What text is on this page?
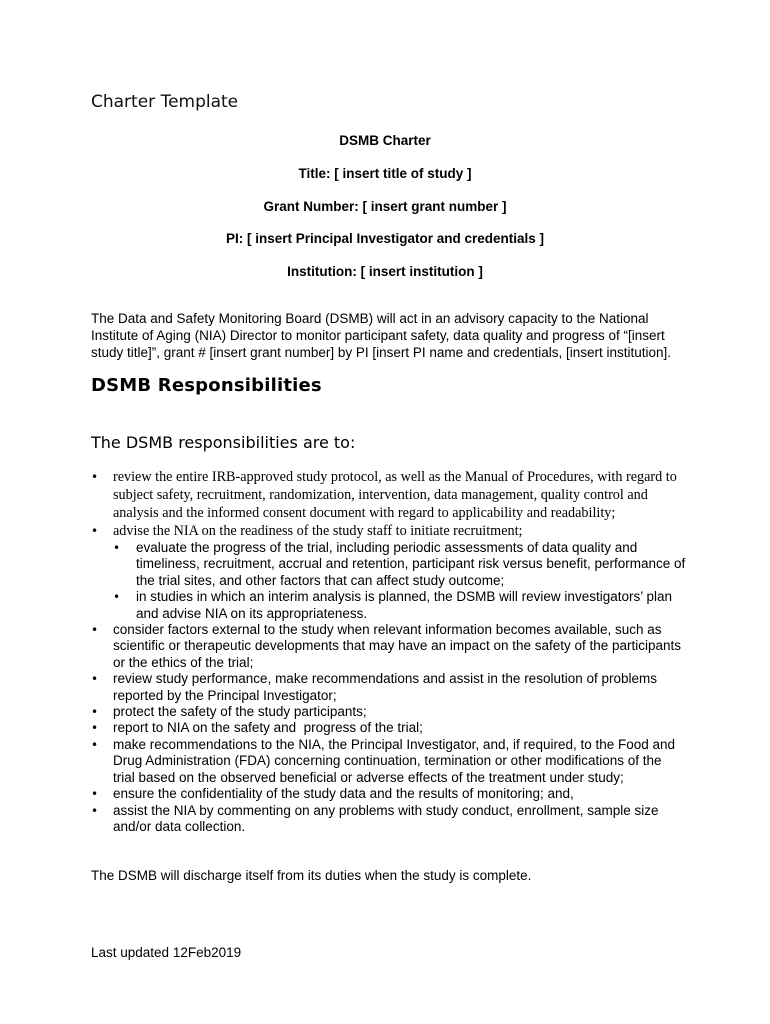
Charter Template
DSMB Charter
Title: [ insert title of study ]
Grant Number: [ insert grant number ]
PI: [ insert Principal Investigator and credentials ]
Institution: [ insert institution ]

The Data and Safety Monitoring Board (DSMB) will act in an advisory capacity to the National Institute of Aging (NIA) Director to monitor participant safety, data quality and progress of “[insert study title]”, grant # [insert grant number] by PI [insert PI name and credentials, [insert institution].

DSMB Responsibilities
The DSMB responsibilities are to:
• review the entire IRB-approved study protocol, as well as the Manual of Procedures, with regard to subject safety, recruitment, randomization, intervention, data management, quality control and analysis and the informed consent document with regard to applicability and readability;
• advise the NIA on the readiness of the study staff to initiate recruitment;
• evaluate the progress of the trial, including periodic assessments of data quality and timeliness, recruitment, accrual and retention, participant risk versus benefit, performance of the trial sites, and other factors that can affect study outcome;
• in studies in which an interim analysis is planned, the DSMB will review investigators’ plan and advise NIA on its appropriateness.
• consider factors external to the study when relevant information becomes available, such as scientific or therapeutic developments that may have an impact on the safety of the participants or the ethics of the trial;
• review study performance, make recommendations and assist in the resolution of problems reported by the Principal Investigator;
• protect the safety of the study participants;
• report to NIA on the safety and  progress of the trial;
• make recommendations to the NIA, the Principal Investigator, and, if required, to the Food and Drug Administration (FDA) concerning continuation, termination or other modifications of the trial based on the observed beneficial or adverse effects of the treatment under study;
• ensure the confidentiality of the study data and the results of monitoring; and,
• assist the NIA by commenting on any problems with study conduct, enrollment, sample size and/or data collection.
The DSMB will discharge itself from its duties when the study is complete.
Last updated 12Feb2019
